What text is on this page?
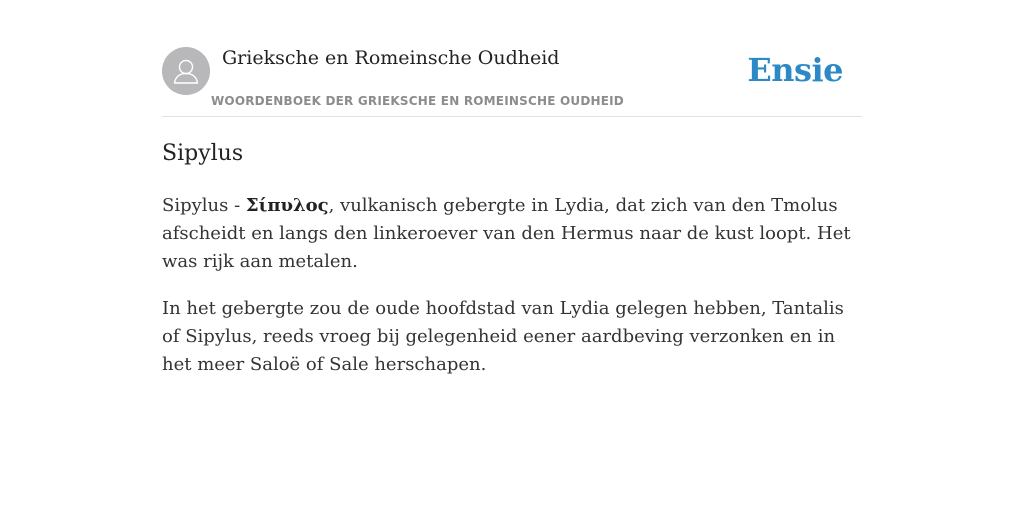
Grieksche en Romeinsche Oudheid
WOORDENBOEK DER GRIEKSCHE EN ROMEINSCHE OUDHEID
Ensie
Sipylus

Sipylus - Σίπυλος, vulkanisch gebergte in Lydia, dat zich van den Tmolus afscheidt en langs den linkeroever van den Hermus naar de kust loopt. Het was rijk aan metalen.

In het gebergte zou de oude hoofdstad van Lydia gelegen hebben, Tantalis of Sipylus, reeds vroeg bij gelegenheid eener aardbeving verzonken en in het meer Saloë of Sale herschapen.
